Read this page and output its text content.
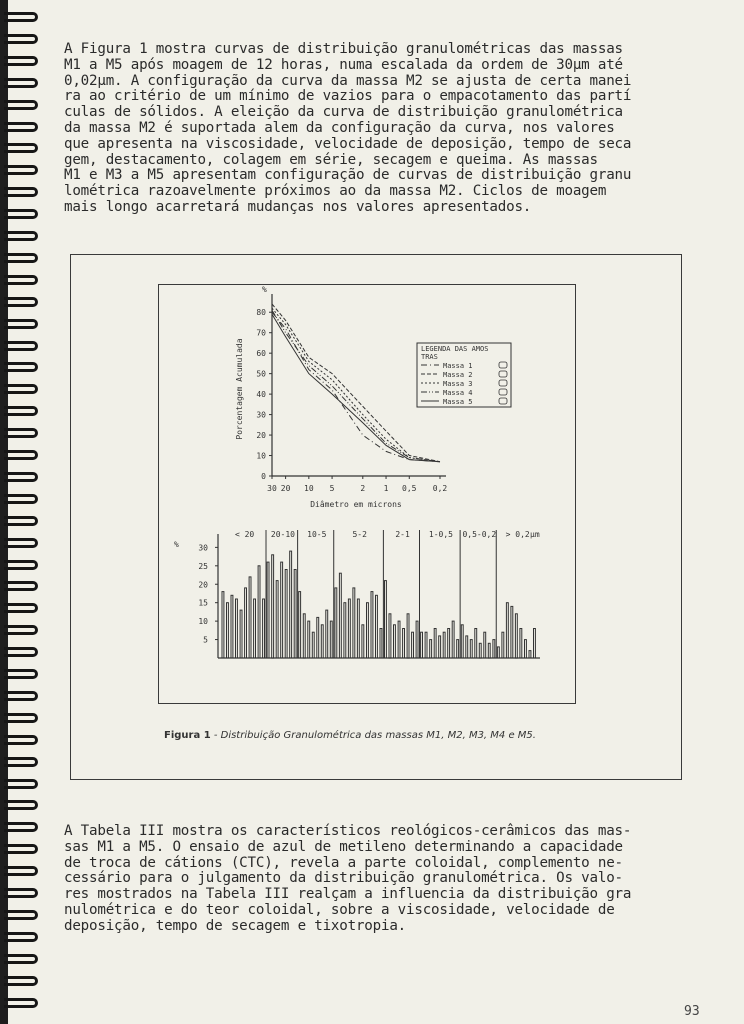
A Figura 1 mostra curvas de distribuição granulométricas das massas
M1 a M5 após moagem de 12 horas, numa escalada da ordem de 30µm até
0,02µm. A configuração da curva da massa M2 se ajusta de certa manei
ra ao critério de um mínimo de vazios para o empacotamento das partí
culas de sólidos. A eleição da curva de distribuição granulométrica
da massa M2 é suportada alem da configuração da curva, nos valores
que apresenta na viscosidade, velocidade de deposição, tempo de seca
gem, destacamento, colagem em série, secagem e queima. As massas
M1 e M3 a M5 apresentam configuração de curvas de distribuição granu
lométrica razoavelmente próximos ao da massa M2. Ciclos de moagem
mais longo acarretará mudanças nos valores apresentados.
%
0
10
20
30
40
50
60
70
80
30 20 10 5	2 1 0,5 0,2
Diâmetro em microns
Porcentagem Acumulada	LEGENDA DAS AMOS
TRAS
Massa 1
Massa 2
Massa 3
Massa 4
Massa 5
%
µm
5
10
15
20
25
30
< 20 20-10 10-5	5-2	2-1 1-0,5 0,5-0,2 > 0,2
Figura 1 - Distribuição Granulométrica das massas M1, M2, M3, M4 e M5.
A Tabela III mostra os característicos reológicos-cerâmicos das mas-
sas M1 a M5. O ensaio de azul de metileno determinando a capacidade
de troca de cátions (CTC), revela a parte coloidal, complemento ne-
cessário para o julgamento da distribuição granulométrica. Os valo-
res mostrados na Tabela III realçam a influencia da distribuição gra
nulométrica e do teor coloidal, sobre a viscosidade, velocidade de
deposição, tempo de secagem e tixotropia.
93
